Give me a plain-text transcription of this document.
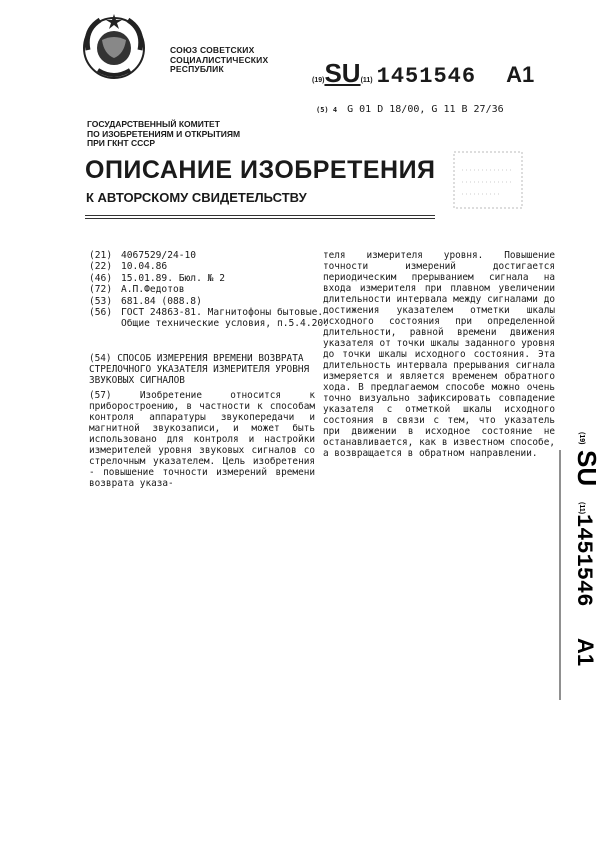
СОЮЗ СОВЕТСКИХ
СОЦИАЛИСТИЧЕСКИХ
РЕСПУБЛИК
(19) SU (11) 1451546 A1
(5) 4 G 01 D 18/00, G 11 B 27/36
ГОСУДАРСТВЕННЫЙ КОМИТЕТ
ПО ИЗОБРЕТЕНИЯМ И ОТКРЫТИЯМ
ПРИ ГКНТ СССР
ОПИСАНИЕ ИЗОБРЕТЕНИЯ
К АВТОРСКОМУ СВИДЕТЕЛЬСТВУ
(21) 4067529/24-10
(22) 10.04.86
(46) 15.01.89. Бюл. № 2
(72) А.П.Федотов
(53) 681.84 (088.8)
(56) ГОСТ 24863-81. Магнитофоны бытовые. Общие технические условия, п.5.4.20.
(54) СПОСОБ ИЗМЕРЕНИЯ ВРЕМЕНИ ВОЗВРАТА СТРЕЛОЧНОГО УКАЗАТЕЛЯ ИЗМЕРИТЕЛЯ УРОВНЯ ЗВУКОВЫХ СИГНАЛОВ
(57) Изобретение относится к приборостроению, в частности к способам контроля аппаратуры звукопередачи и магнитной звукозаписи, и может быть использовано для контроля и настройки измерителей уровня звуковых сигналов со стрелочным указателем. Цель изобретения - повышение точности измерений времени возврата указа-
теля измерителя уровня. Повышение точности измерений достигается периодическим прерыванием сигнала на входа измерителя при плавном увеличении длительности интервала между сигналами до достижения указателем отметки шкалы исходного состояния при определенной длительности, равной времени движения указателя от точки шкалы заданного уровня до точки шкалы исходного состояния. Эта длительность интервала прерывания сигнала измеряется и является временем обратного хода. В предлагаемом способе можно очень точно визуально зафиксировать совпадение указателя с отметкой шкалы исходного состояния в связи с тем, что указатель при движении в исходное состояние не останавливается, как в известном способе, а возвращается в обратном направлении.
(19)
SU
(11)
1451546
A1
